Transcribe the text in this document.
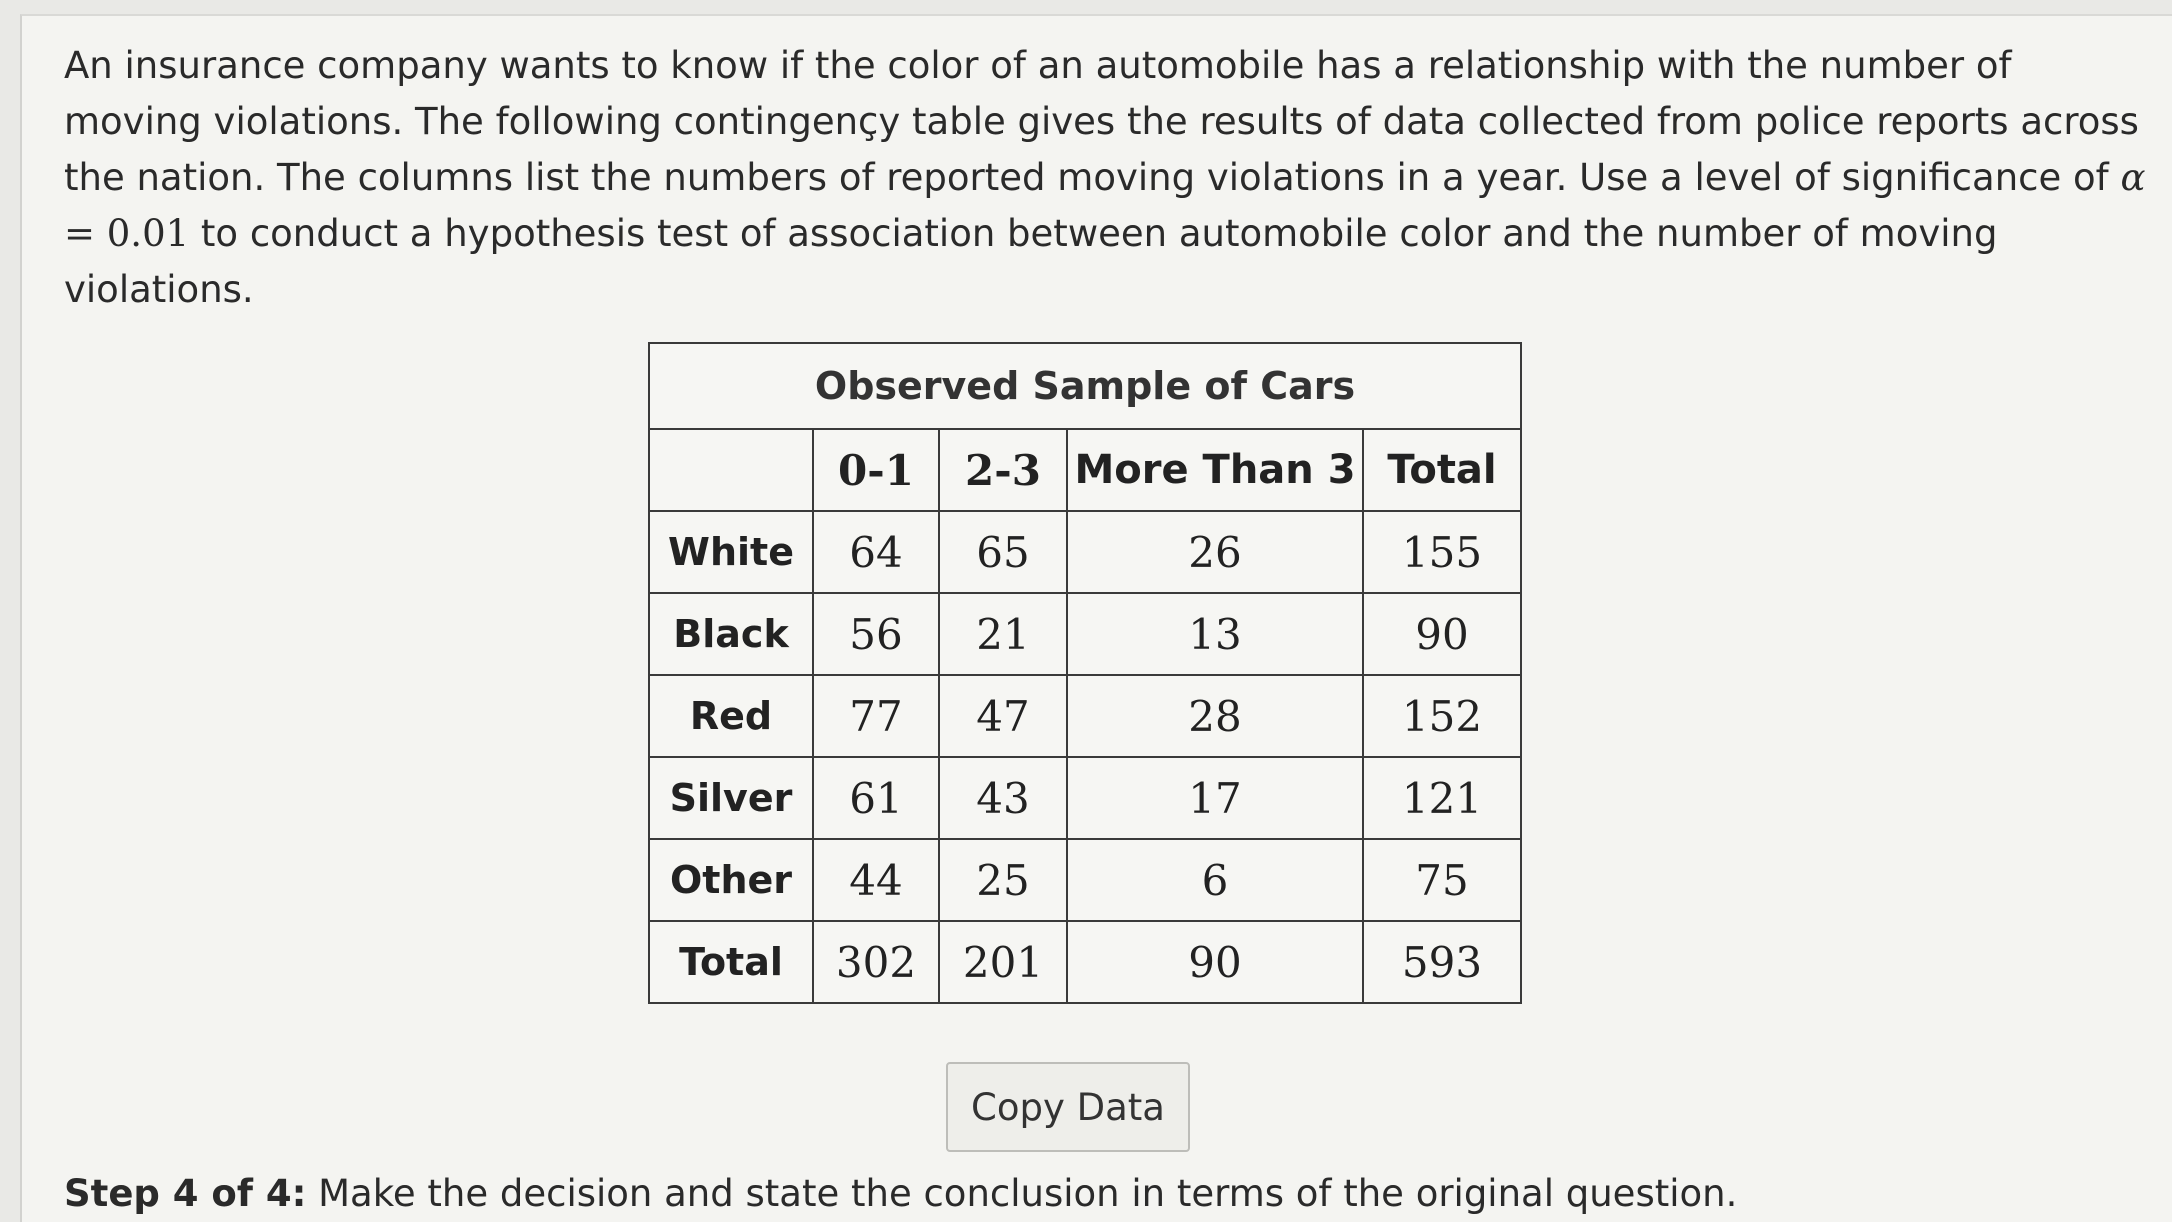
An insurance company wants to know if the color of an automobile has a relationship with the number of moving violations. The following contingençy table gives the results of data collected from police reports across the nation. The columns list the numbers of reported moving violations in a year. Use a level of significance of α = 0.01 to conduct a hypothesis test of association between automobile color and the number of moving violations.
Observed Sample of Cars				
	0-1	2-3	More Than 3	Total
White	64	65	26	155
Black	56	21	13	90
Red	77	47	28	152
Silver	61	43	17	121
Other	44	25	6	75
Total	302	201	90	593
Copy Data
Step 4 of 4: Make the decision and state the conclusion in terms of the original question.
